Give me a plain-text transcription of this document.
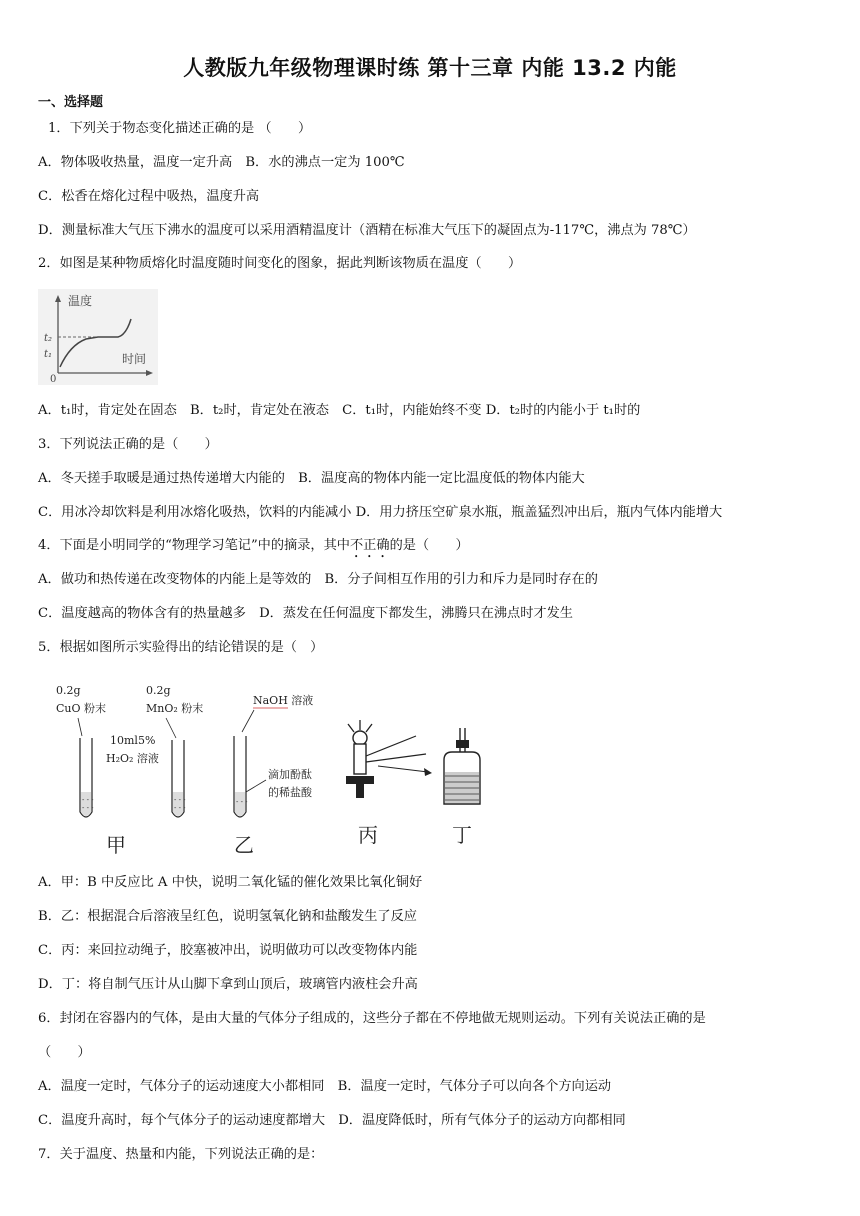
人教版九年级物理课时练 第十三章 内能 13.2 内能
一、选择题
1．下列关于物态变化描述正确的是 （　　）
A．物体吸收热量，温度一定升高　B．水的沸点一定为 100℃
C．松香在熔化过程中吸热，温度升高
D．测量标准大气压下沸水的温度可以采用酒精温度计（酒精在标准大气压下的凝固点为-117℃，沸点为 78℃）
2．如图是某种物质熔化时温度随时间变化的图象，据此判断该物质在温度（　　）
温度
时间
t₂
t₁
0
A．t₁时，肯定处在固态　B．t₂时，肯定处在液态　C．t₁时，内能始终不变 D．t₂时的内能小于 t₁时的
3．下列说法正确的是（　　）
A．冬天搓手取暖是通过热传递增大内能的　B．温度高的物体内能一定比温度低的物体内能大
C．用冰冷却饮料是利用冰熔化吸热，饮料的内能减小 D．用力挤压空矿泉水瓶，瓶盖猛烈冲出后，瓶内气体内能增大
4．下面是小明同学的“物理学习笔记”中的摘录，其中不正确的是（　　）
A．做功和热传递在改变物体的内能上是等效的　B．分子间相互作用的引力和斥力是同时存在的
C．温度越高的物体含有的热量越多　D．蒸发在任何温度下都发生，沸腾只在沸点时才发生
5．根据如图所示实验得出的结论错误的是（　）
0.2g
CuO 粉末
- - -
- - -
0.2g
MnO₂ 粉末
- - -
- - -
10ml5%
H₂O₂ 溶液
甲
NaOH 溶液
- - -
滴加酚酞
的稀盐酸
乙	丙	丁
A．甲：B 中反应比 A 中快，说明二氧化锰的催化效果比氧化铜好
B．乙：根据混合后溶液呈红色，说明氢氧化钠和盐酸发生了反应
C．丙：来回拉动绳子，胶塞被冲出，说明做功可以改变物体内能
D．丁：将自制气压计从山脚下拿到山顶后，玻璃管内液柱会升高
6．封闭在容器内的气体，是由大量的气体分子组成的，这些分子都在不停地做无规则运动。下列有关说法正确的是
（　　）
A．温度一定时，气体分子的运动速度大小都相同　B．温度一定时，气体分子可以向各个方向运动
C．温度升高时，每个气体分子的运动速度都增大　D．温度降低时，所有气体分子的运动方向都相同
7．关于温度、热量和内能，下列说法正确的是：
